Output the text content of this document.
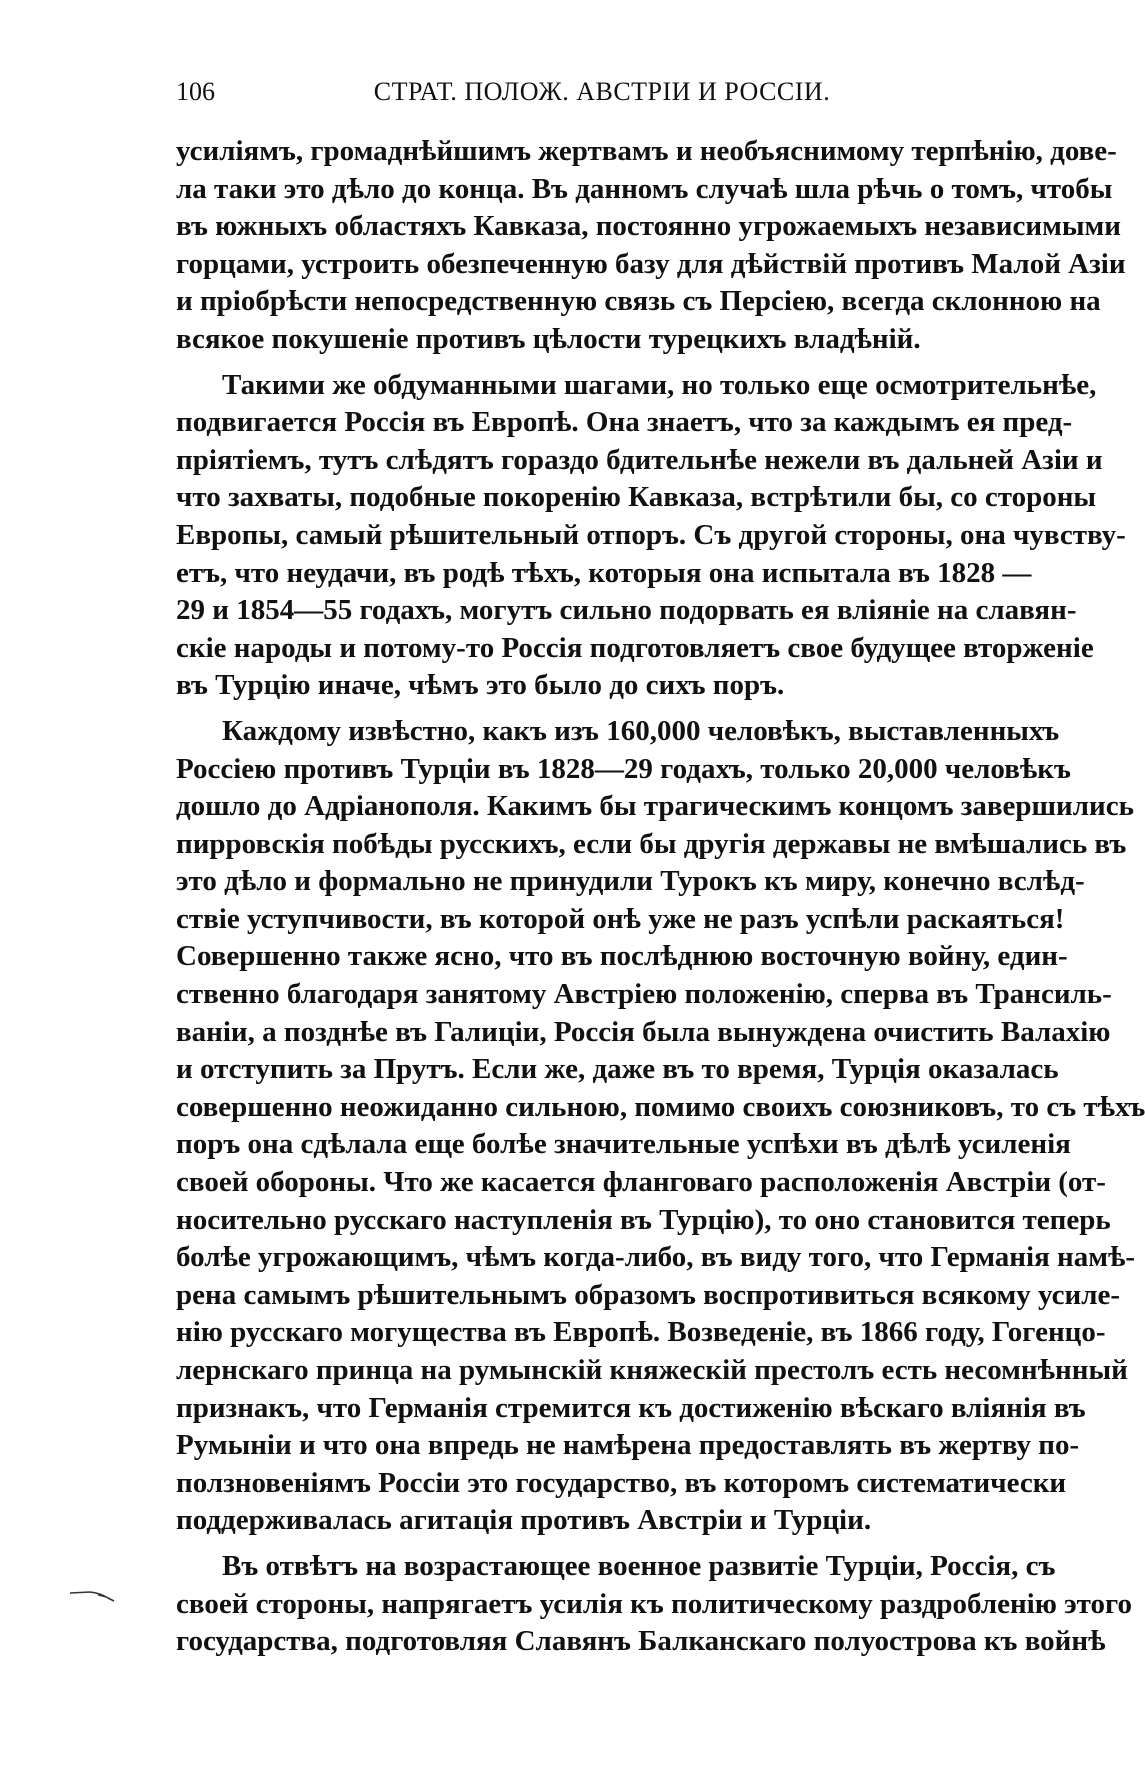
106	СТРАТ. ПОЛОЖ. АВСТРІИ И РОССІИ.
усиліямъ, громаднѣйшимъ жертвамъ и необъяснимому терпѣнію, дове-
ла таки это дѣло до конца. Въ данномъ случаѣ шла рѣчь о томъ, чтобы
въ южныхъ областяхъ Кавказа, постоянно угрожаемыхъ независимыми
горцами, устроить обезпеченную базу для дѣйствій противъ Малой Азіи
и пріобрѣсти непосредственную связь съ Персіею, всегда склонною на
всякое покушеніе противъ цѣлости турецкихъ владѣній.
Такими же обдуманными шагами, но только еще осмотрительнѣе,
подвигается Россія въ Европѣ. Она знаетъ, что за каждымъ ея пред-
пріятіемъ, тутъ слѣдятъ гораздо бдительнѣе нежели въ дальней Азіи и
что захваты, подобные покоренію Кавказа, встрѣтили бы, со стороны
Европы, самый рѣшительный отпоръ. Съ другой стороны, она чувству-
етъ, что неудачи, въ родѣ тѣхъ, которыя она испытала въ 1828 —
29 и 1854—55 годахъ, могутъ сильно подорвать ея вліяніе на славян-
скіе народы и потому-то Россія подготовляетъ свое будущее вторженіе
въ Турцію иначе, чѣмъ это было до сихъ поръ.
Каждому извѣстно, какъ изъ 160,000 человѣкъ, выставленныхъ
Россіею противъ Турціи въ 1828—29 годахъ, только 20,000 человѣкъ
дошло до Адріанополя. Какимъ бы трагическимъ концомъ завершились
пирровскія побѣды русскихъ, если бы другія державы не вмѣшались въ
это дѣло и формально не принудили Турокъ къ миру, конечно вслѣд-
ствіе уступчивости, въ которой онѣ уже не разъ успѣли раскаяться!
Совершенно также ясно, что въ послѣднюю восточную войну, един-
ственно благодаря занятому Австріею положенію, сперва въ Трансиль-
ваніи, а позднѣе въ Галиціи, Россія была вынуждена очистить Валахію
и отступить за Прутъ. Если же, даже въ то время, Турція оказалась
совершенно неожиданно сильною, помимо своихъ союзниковъ, то съ тѣхъ
поръ она сдѣлала еще болѣе значительные успѣхи въ дѣлѣ усиленія
своей обороны. Что же касается фланговаго расположенія Австріи (от-
носительно русскаго наступленія въ Турцію), то оно становится теперь
болѣе угрожающимъ, чѣмъ когда-либо, въ виду того, что Германія намѣ-
рена самымъ рѣшительнымъ образомъ воспротивиться всякому усиле-
нію русскаго могущества въ Европѣ. Возведеніе, въ 1866 году, Гогенцо-
лернскаго принца на румынскій княжескій престолъ есть несомнѣнный
признакъ, что Германія стремится къ достиженію вѣскаго вліянія въ
Румыніи и что она впредь не намѣрена предоставлять въ жертву по-
ползновеніямъ Россіи это государство, въ которомъ систематически
поддерживалась агитація противъ Австріи и Турціи.
Въ отвѣтъ на возрастающее военное развитіе Турціи, Россія, съ
своей стороны, напрягаетъ усилія къ политическому раздробленію этого
государства, подготовляя Славянъ Балканскаго полуострова къ войнѣ
